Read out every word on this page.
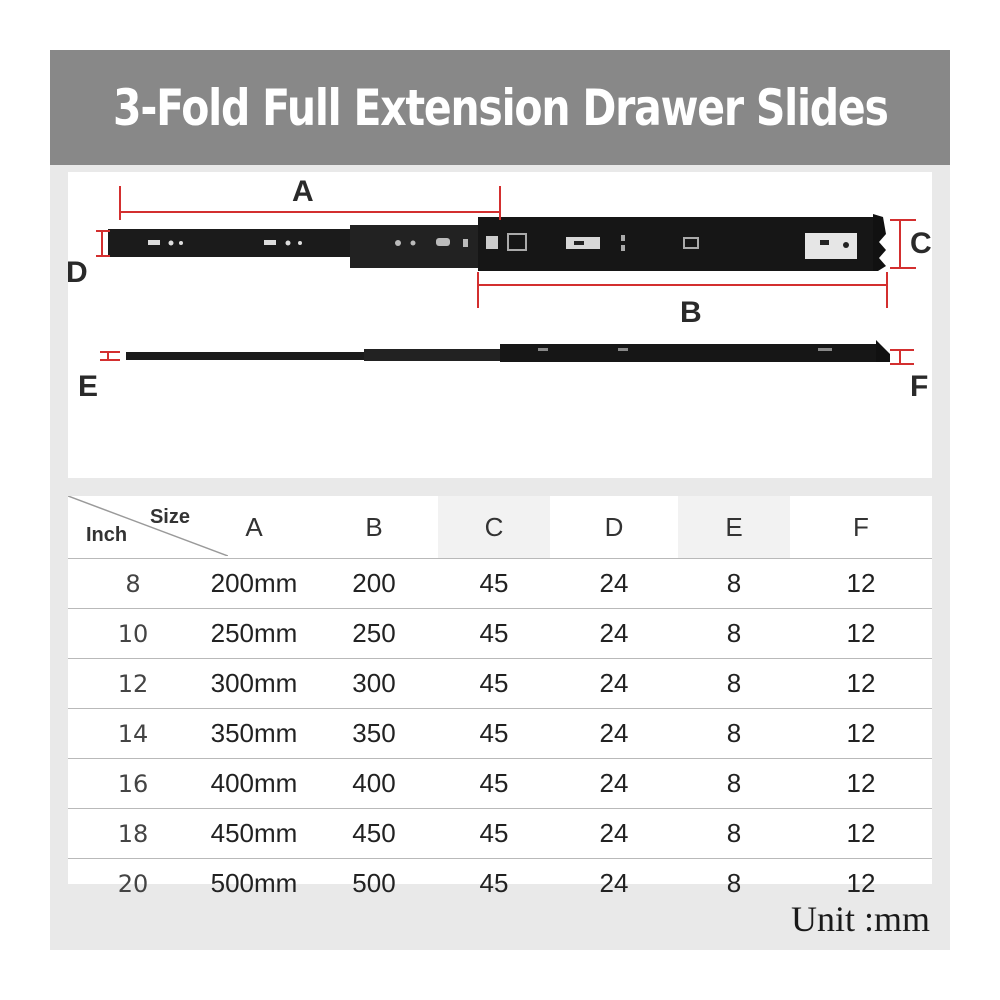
3-Fold Full Extension Drawer Slides
A
B
C
D
E	F
Size
Inch	A	B	C	D	E	F
8	200mm	200	45	24	8	12
10	250mm	250	45	24	8	12
12	300mm	300	45	24	8	12
14	350mm	350	45	24	8	12
16	400mm	400	45	24	8	12
18	450mm	450	45	24	8	12
20	500mm	500	45	24	8	12
Unit :mm
